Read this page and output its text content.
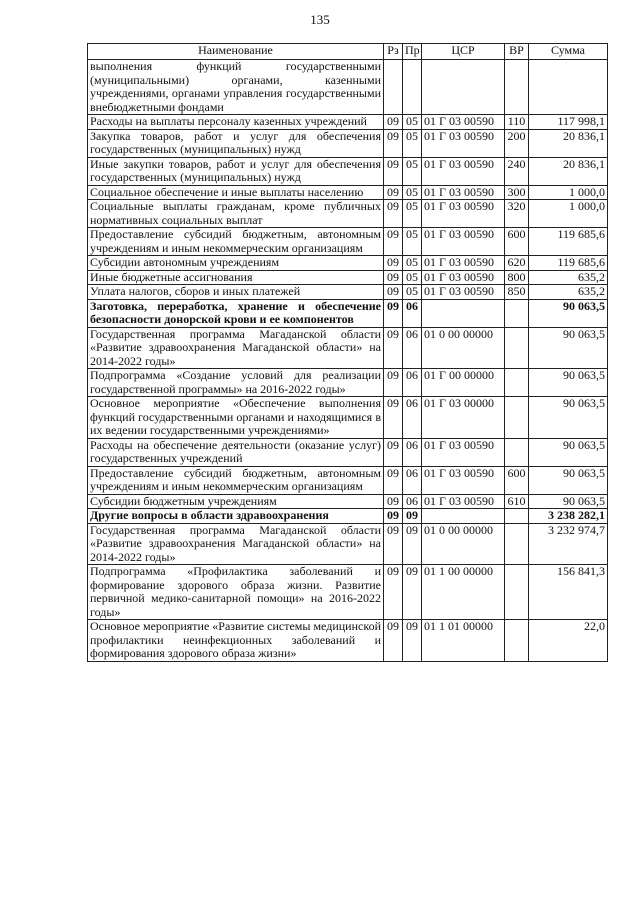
135
Наименование	Рз	Пр	ЦСР	ВР	Сумма
выполнения функций государственными (муниципальными) органами, казенными учреждениями, органами управления государственными внебюджетными фондами					
Расходы на выплаты персоналу казенных учреждений	09	05	01 Г 03 00590	110	117 998,1
Закупка товаров, работ и услуг для обеспечения государственных (муниципальных) нужд	09	05	01 Г 03 00590	200	20 836,1
Иные закупки товаров, работ и услуг для обеспечения государственных (муниципальных) нужд	09	05	01 Г 03 00590	240	20 836,1
Социальное обеспечение и иные выплаты населению	09	05	01 Г 03 00590	300	1 000,0
Социальные выплаты гражданам, кроме публичных нормативных социальных выплат	09	05	01 Г 03 00590	320	1 000,0
Предоставление субсидий бюджетным, автономным учреждениям и иным некоммерческим организациям	09	05	01 Г 03 00590	600	119 685,6
Субсидии автономным учреждениям	09	05	01 Г 03 00590	620	119 685,6
Иные бюджетные ассигнования	09	05	01 Г 03 00590	800	635,2
Уплата налогов, сборов и иных платежей	09	05	01 Г 03 00590	850	635,2
Заготовка, переработка, хранение и обеспечение безопасности донорской крови и ее компонентов	09	06			90 063,5
Государственная программа Магаданской области «Развитие здравоохранения Магаданской области» на 2014-2022 годы»	09	06	01 0 00 00000		90 063,5
Подпрограмма «Создание условий для реализации государственной программы» на 2016-2022 годы»	09	06	01 Г 00 00000		90 063,5
Основное мероприятие «Обеспечение выполнения функций государственными органами и находящимися в их ведении государственными учреждениями»	09	06	01 Г 03 00000		90 063,5
Расходы на обеспечение деятельности (оказание услуг) государственных учреждений	09	06	01 Г 03 00590		90 063,5
Предоставление субсидий бюджетным, автономным учреждениям и иным некоммерческим организациям	09	06	01 Г 03 00590	600	90 063,5
Субсидии бюджетным учреждениям	09	06	01 Г 03 00590	610	90 063,5
Другие вопросы в области здравоохранения	09	09			3 238 282,1
Государственная программа Магаданской области «Развитие здравоохранения Магаданской области» на 2014-2022 годы»	09	09	01 0 00 00000		3 232 974,7
Подпрограмма «Профилактика заболеваний и формирование здорового образа жизни. Развитие первичной медико-санитарной помощи» на 2016-2022 годы»	09	09	01 1 00 00000		156 841,3
Основное мероприятие «Развитие системы медицинской профилактики неинфекционных заболеваний и формирования здорового образа жизни»	09	09	01 1 01 00000		22,0
